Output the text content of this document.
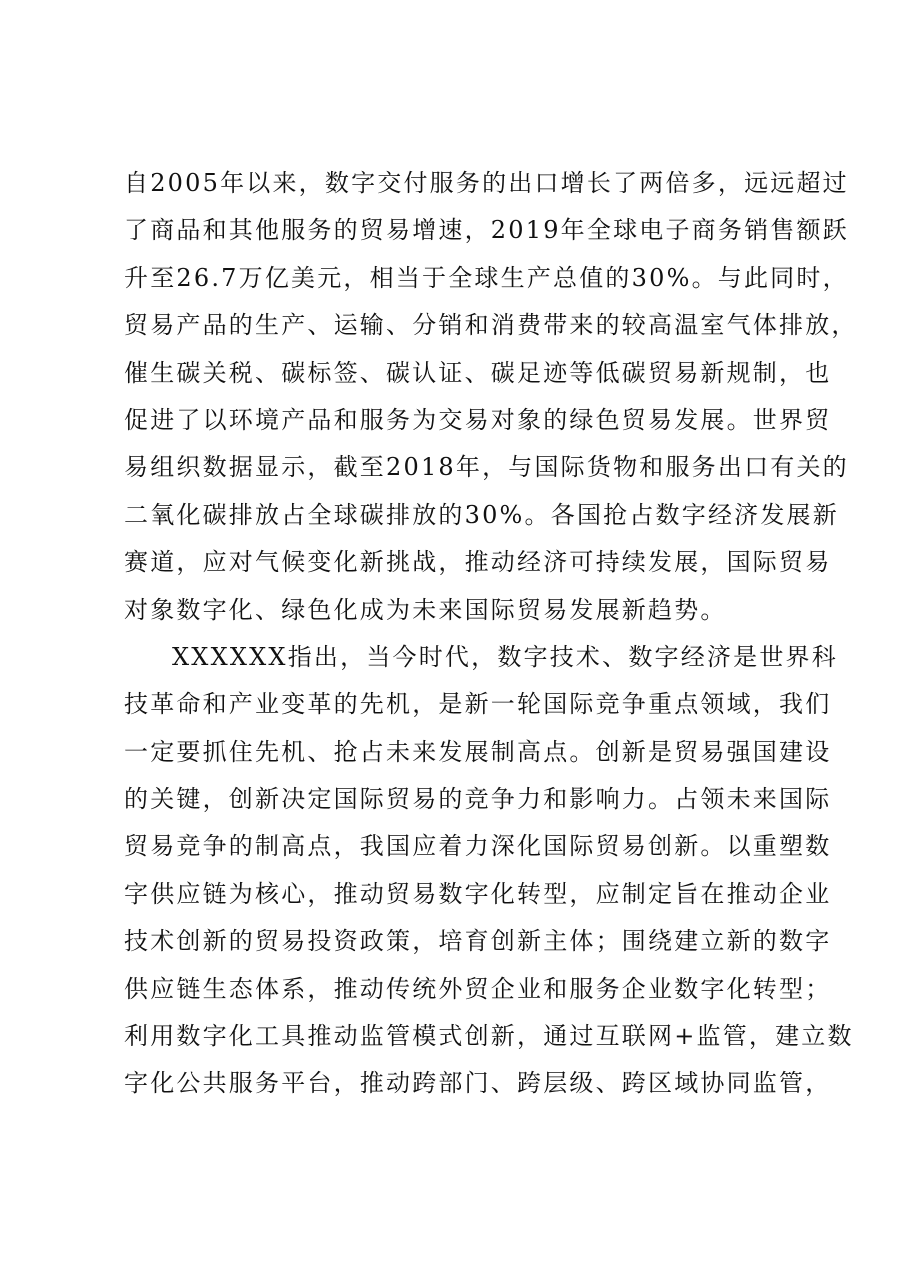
自2005年以来，数字交付服务的出口增长了两倍多，远远超过
了商品和其他服务的贸易增速，2019年全球电子商务销售额跃
升至26.7万亿美元，相当于全球生产总值的30%。与此同时，
贸易产品的生产、运输、分销和消费带来的较高温室气体排放，
催生碳关税、碳标签、碳认证、碳足迹等低碳贸易新规制，也
促进了以环境产品和服务为交易对象的绿色贸易发展。世界贸
易组织数据显示，截至2018年，与国际货物和服务出口有关的
二氧化碳排放占全球碳排放的30%。各国抢占数字经济发展新
赛道，应对气候变化新挑战，推动经济可持续发展，国际贸易
对象数字化、绿色化成为未来国际贸易发展新趋势。
XXXXXX指出，当今时代，数字技术、数字经济是世界科
技革命和产业变革的先机，是新一轮国际竞争重点领域，我们
一定要抓住先机、抢占未来发展制高点。创新是贸易强国建设
的关键，创新决定国际贸易的竞争力和影响力。占领未来国际
贸易竞争的制高点，我国应着力深化国际贸易创新。以重塑数
字供应链为核心，推动贸易数字化转型，应制定旨在推动企业
技术创新的贸易投资政策，培育创新主体；围绕建立新的数字
供应链生态体系，推动传统外贸企业和服务企业数字化转型；
利用数字化工具推动监管模式创新，通过互联网+监管，建立数
字化公共服务平台，推动跨部门、跨层级、跨区域协同监管，
